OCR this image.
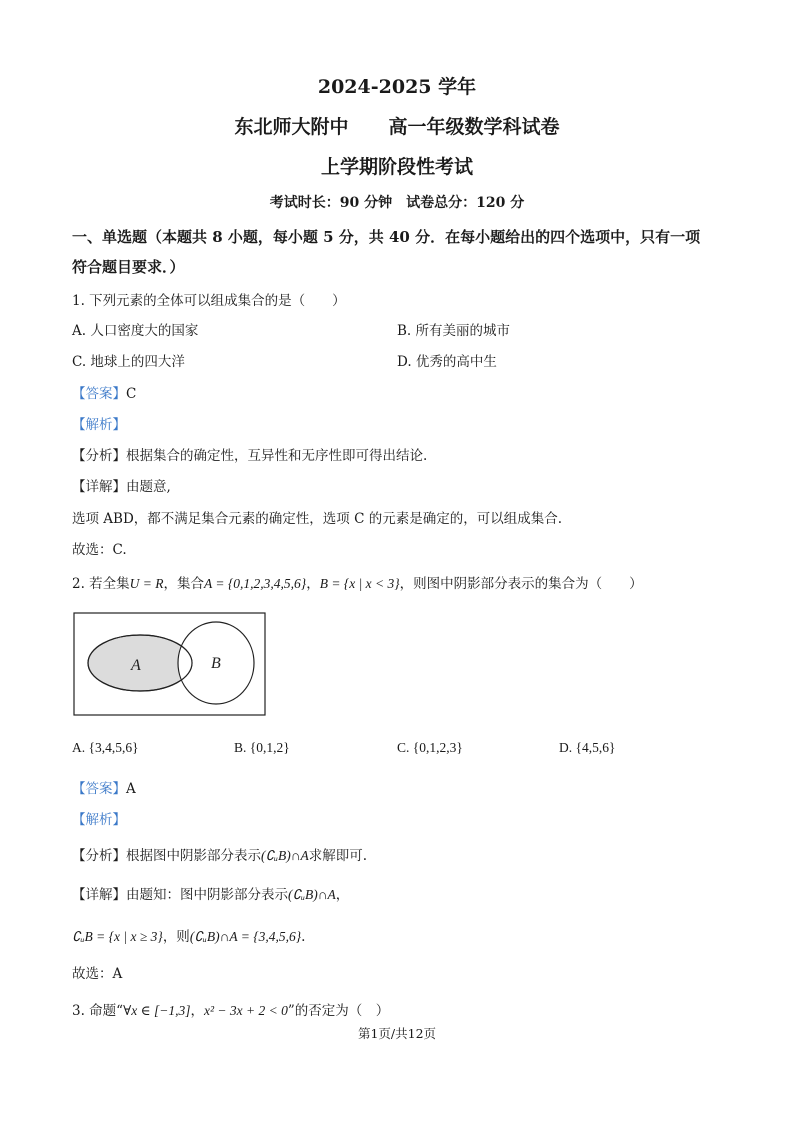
2024-2025 学年
东北师大附中 高一年级数学科试卷
上学期阶段性考试
考试时长：90 分钟 试卷总分：120 分
一、单选题（本题共 8 小题，每小题 5 分，共 40 分．在每小题给出的四个选项中，只有一项
符合题目要求．）
1. 下列元素的全体可以组成集合的是（　　）
A. 人口密度大的国家	B. 所有美丽的城市
C. 地球上的四大洋	D. 优秀的高中生
【答案】C
【解析】
【分析】根据集合的确定性，互异性和无序性即可得出结论.
【详解】由题意,
选项 ABD，都不满足集合元素的确定性，选项 C 的元素是确定的，可以组成集合.
故选：C.
2. 若全集U = R，集合A = {0,1,2,3,4,5,6}，B = {x | x < 3}，则图中阴影部分表示的集合为（　　）
A	B
A. {3,4,5,6}	B. {0,1,2}	C. {0,1,2,3}	D. {4,5,6}
【答案】A
【解析】
【分析】根据图中阴影部分表示(∁ᵤB)∩A求解即可.
【详解】由题知：图中阴影部分表示(∁ᵤB)∩A，
∁ᵤB = {x | x ≥ 3}，则(∁ᵤB)∩A = {3,4,5,6}.
故选：A
3. 命题“∀x ∈ [−1,3]，x² − 3x + 2 < 0”的否定为（　）
第1页/共12页
